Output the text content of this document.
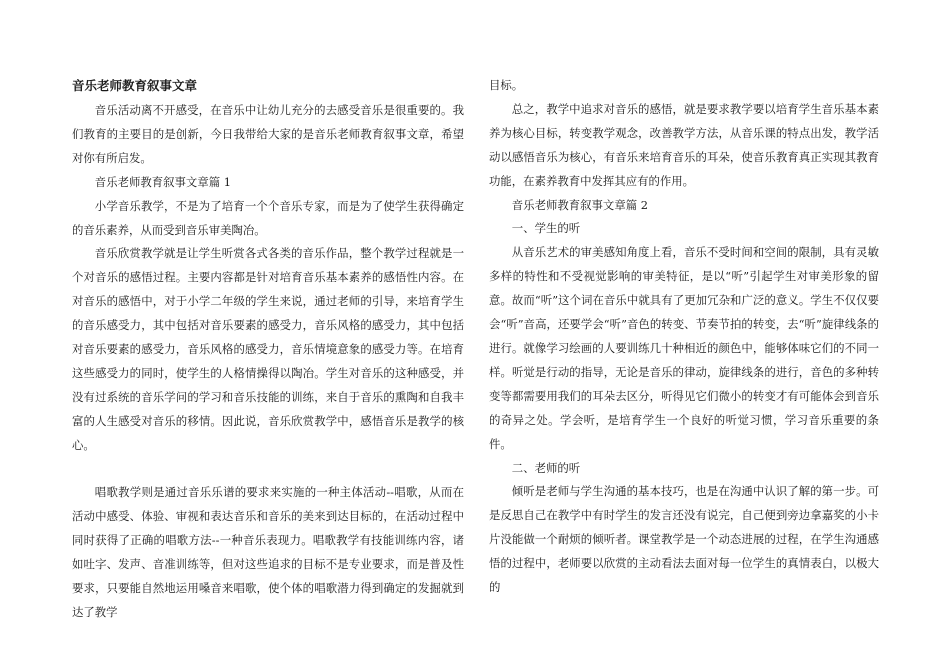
音乐老师教育叙事文章

音乐活动离不开感受，在音乐中让幼儿充分的去感受音乐是很重要的。我们教育的主要目的是创新，今日我带给大家的是音乐老师教育叙事文章，希望对你有所启发。

音乐老师教育叙事文章篇 1

小学音乐教学，不是为了培育一个个音乐专家，而是为了使学生获得确定的音乐素养，从而受到音乐审美陶冶。

音乐欣赏教学就是让学生听赏各式各类的音乐作品，整个教学过程就是一个对音乐的感悟过程。主要内容都是针对培育音乐基本素养的感悟性内容。在对音乐的感悟中，对于小学二年级的学生来说，通过老师的引导，来培育学生的音乐感受力，其中包括对音乐要素的感受力，音乐风格的感受力，其中包括对音乐要素的感受力，音乐风格的感受力，音乐情境意象的感受力等。在培育这些感受力的同时，使学生的人格情操得以陶冶。学生对音乐的这种感受，并没有过系统的音乐学问的学习和音乐技能的训练，来自于音乐的熏陶和自我丰富的人生感受对音乐的移情。因此说，音乐欣赏教学中，感悟音乐是教学的核心。

唱歌教学则是通过音乐乐谱的要求来实施的一种主体活动--唱歌，从而在活动中感受、体验、审视和表达音乐和音乐的美来到达目标的，在活动过程中同时获得了正确的唱歌方法--一种音乐表现力。唱歌教学有技能训练内容，诸如吐字、发声、音准训练等，但对这些追求的目标不是专业要求，而是普及性要求，只要能自然地运用嗓音来唱歌，使个体的唱歌潜力得到确定的发掘就到达了教学

目标。

总之，教学中追求对音乐的感悟，就是要求教学要以培育学生音乐基本素养为核心目标，转变教学观念，改善教学方法，从音乐课的特点出发，教学活动以感悟音乐为核心，有音乐来培育音乐的耳朵，使音乐教育真正实现其教育功能，在素养教育中发挥其应有的作用。

音乐老师教育叙事文章篇 2

一、学生的听

从音乐艺术的审美感知角度上看，音乐不受时间和空间的限制，具有灵敏多样的特性和不受视觉影响的审美特征，是以“听”引起学生对审美形象的留意。故而“听”这个词在音乐中就具有了更加冗杂和广泛的意义。学生不仅仅要会“听”音高，还要学会“听”音色的转变、节奏节拍的转变，去“听”旋律线条的进行。就像学习绘画的人要训练几十种相近的颜色中，能够体味它们的不同一样。听觉是行动的指导，无论是音乐的律动，旋律线条的进行，音色的多种转变等都需要用我们的耳朵去区分，听得见它们微小的转变才有可能体会到音乐的奇异之处。学会听，是培育学生一个良好的听觉习惯，学习音乐重要的条件。

二、老师的听

倾听是老师与学生沟通的基本技巧，也是在沟通中认识了解的第一步。可是反思自己在教学中有时学生的发言还没有说完，自己便到旁边拿嘉奖的小卡片没能做一个耐烦的倾听者。课堂教学是一个动态进展的过程，在学生沟通感悟的过程中，老师要以欣赏的主动看法去面对每一位学生的真情表白，以极大的
